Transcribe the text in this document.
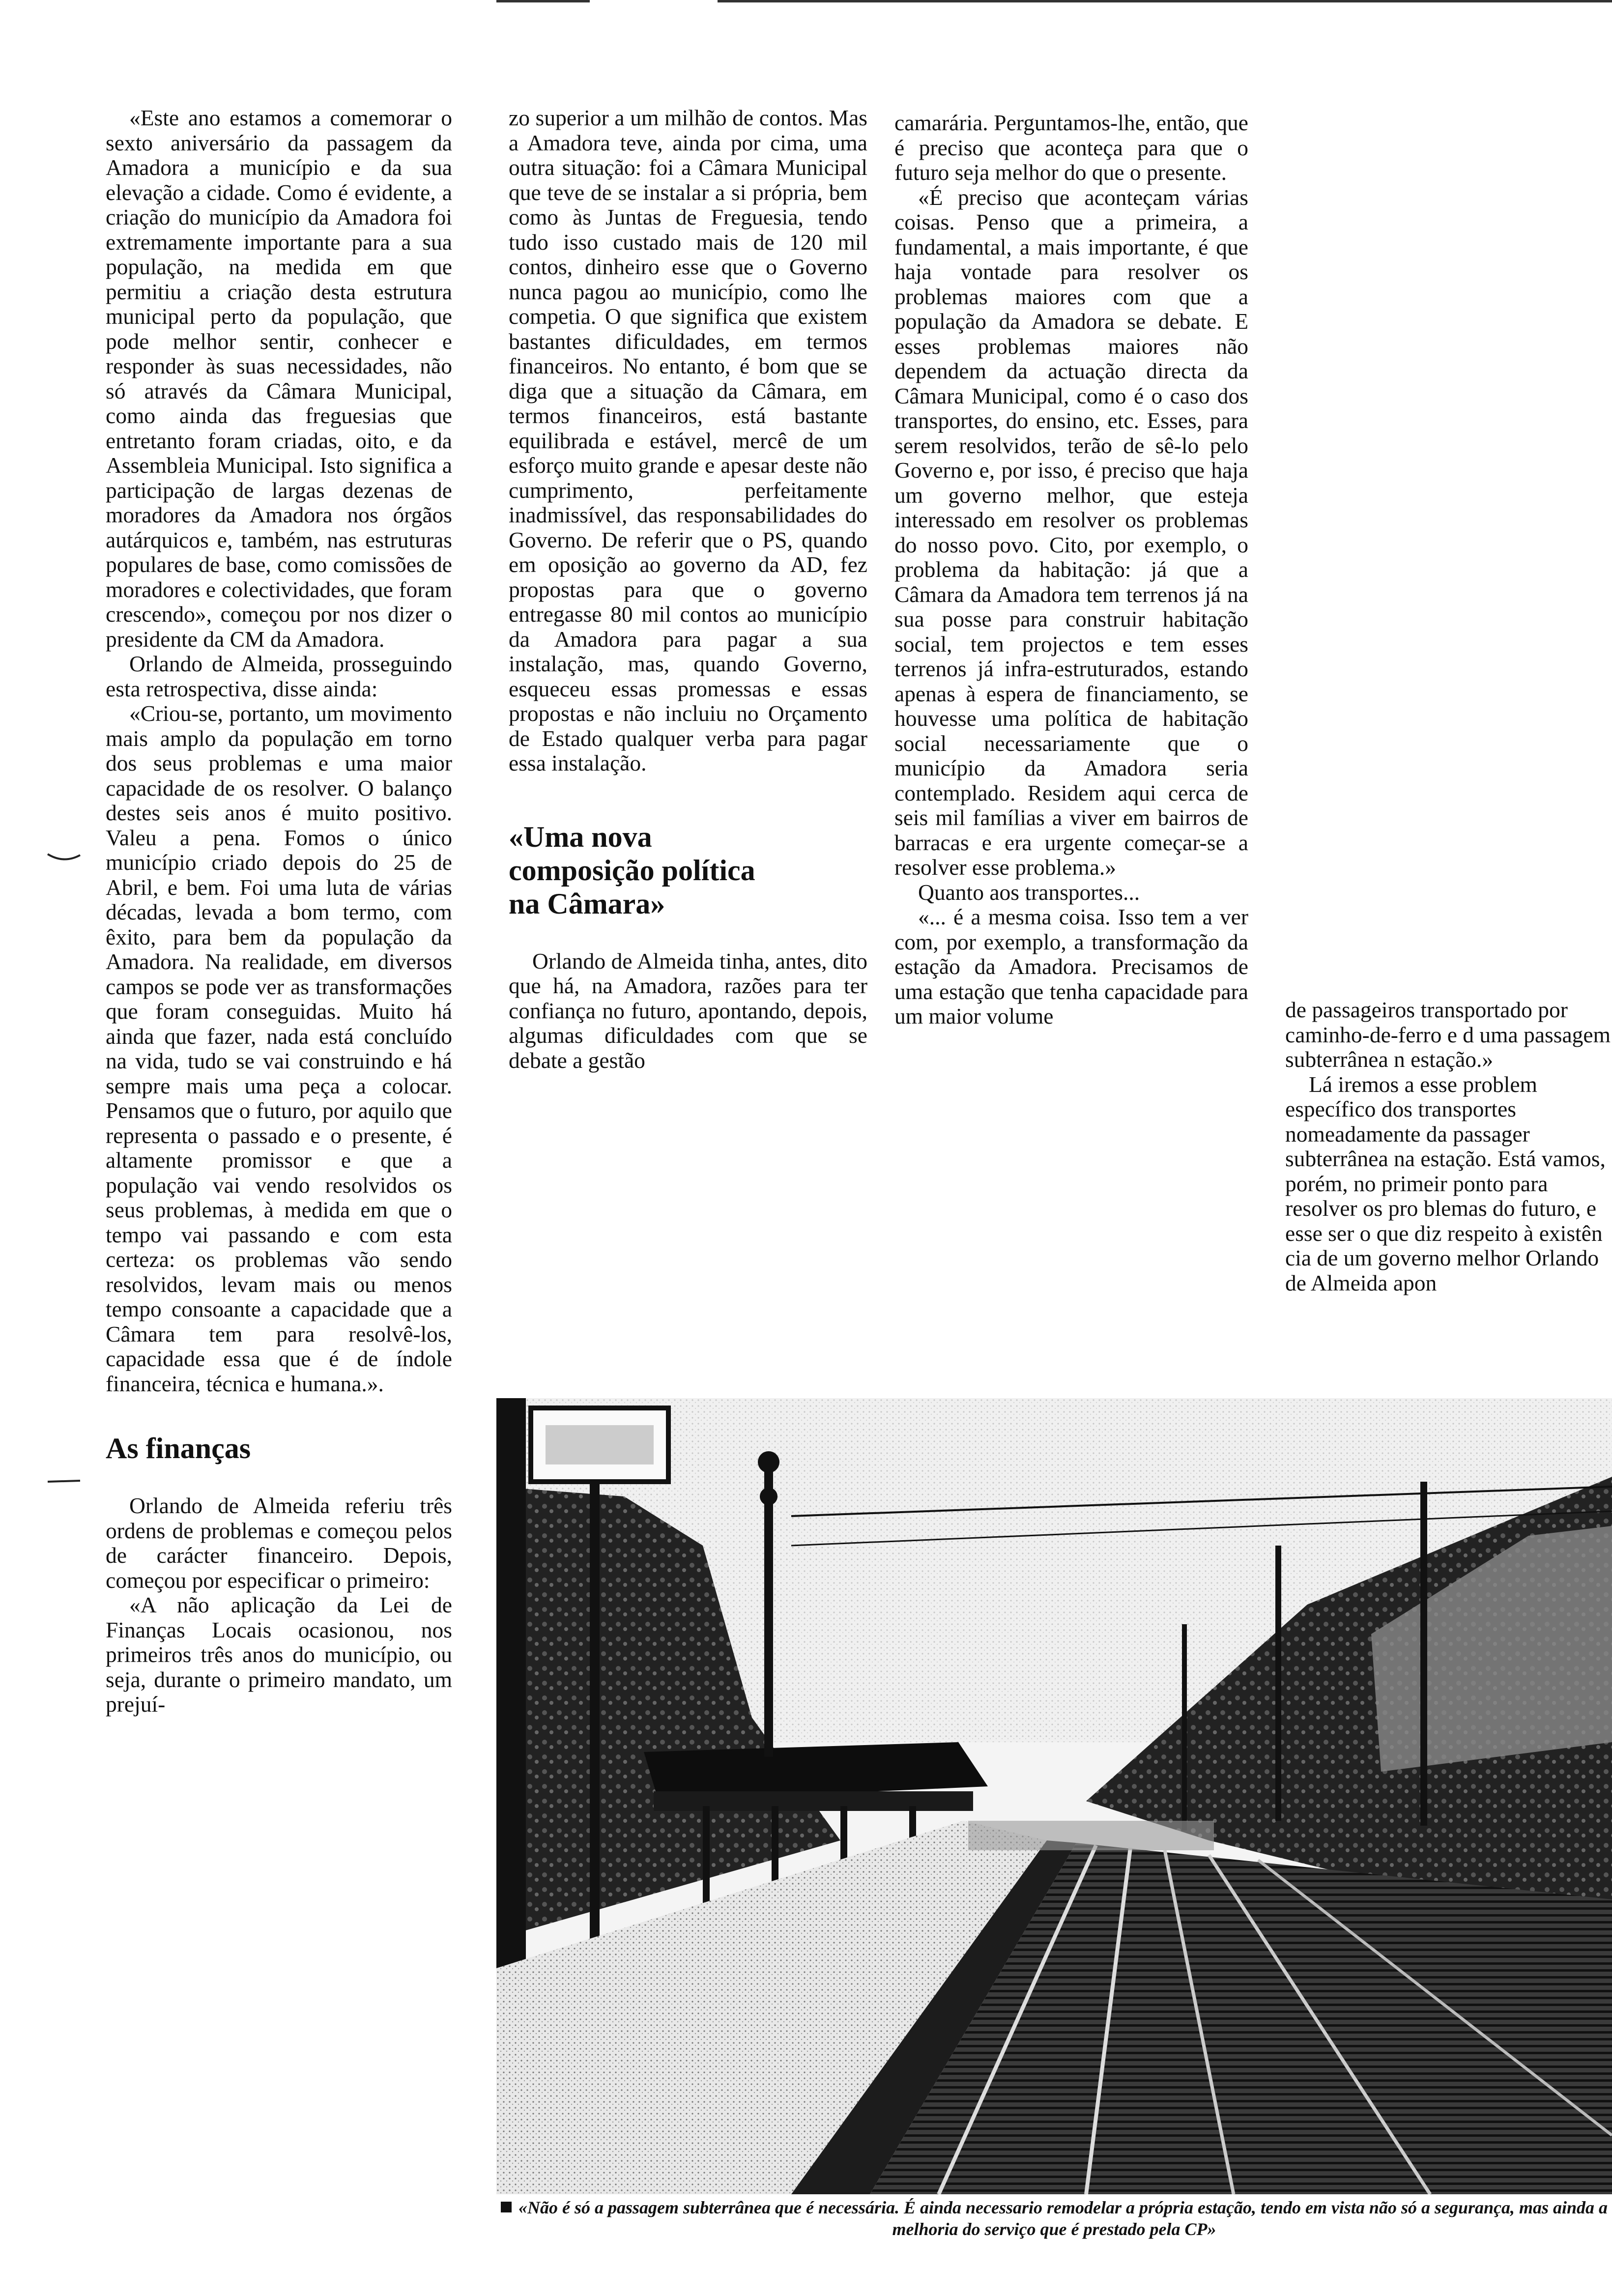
«Este ano estamos a comemorar o sexto aniversário da passagem da Amadora a município e da sua elevação a cidade. Como é evidente, a criação do município da Amadora foi extremamente importante para a sua população, na medida em que permitiu a criação desta estrutura municipal perto da população, que pode melhor sentir, conhecer e responder às suas necessidades, não só através da Câmara Municipal, como ainda das freguesias que entretanto foram criadas, oito, e da Assembleia Municipal. Isto significa a participação de largas dezenas de moradores da Amadora nos órgãos autárquicos e, também, nas estruturas populares de base, como comissões de moradores e colectividades, que foram crescendo», começou por nos dizer o presidente da CM da Amadora.

Orlando de Almeida, prosseguindo esta retrospectiva, disse ainda:

«Criou-se, portanto, um movimento mais amplo da população em torno dos seus problemas e uma maior capacidade de os resolver. O balanço destes seis anos é muito positivo. Valeu a pena. Fomos o único município criado depois do 25 de Abril, e bem. Foi uma luta de várias décadas, levada a bom termo, com êxito, para bem da população da Amadora. Na realidade, em diversos campos se pode ver as transformações que foram conseguidas. Muito há ainda que fazer, nada está concluído na vida, tudo se vai construindo e há sempre mais uma peça a colocar. Pensamos que o futuro, por aquilo que representa o passado e o presente, é altamente promissor e que a população vai vendo resolvidos os seus problemas, à medida em que o tempo vai passando e com esta certeza: os problemas vão sendo resolvidos, levam mais ou menos tempo consoante a capacidade que a Câmara tem para resolvê-los, capacidade essa que é de índole financeira, técnica e humana.».

As finanças

Orlando de Almeida referiu três ordens de problemas e começou pelos de carácter financeiro. Depois, começou por especificar o primeiro:

«A não aplicação da Lei de Finanças Locais ocasionou, nos primeiros três anos do município, ou seja, durante o primeiro mandato, um prejuí-

zo superior a um milhão de contos. Mas a Amadora teve, ainda por cima, uma outra situação: foi a Câmara Municipal que teve de se instalar a si própria, bem como às Juntas de Freguesia, tendo tudo isso custado mais de 120 mil contos, dinheiro esse que o Governo nunca pagou ao município, como lhe competia. O que significa que existem bastantes dificuldades, em termos financeiros. No entanto, é bom que se diga que a situação da Câmara, em termos financeiros, está bastante equilibrada e estável, mercê de um esforço muito grande e apesar deste não cumprimento, perfeitamente inadmissível, das responsabilidades do Governo. De referir que o PS, quando em oposição ao governo da AD, fez propostas para que o governo entregasse 80 mil contos ao município da Amadora para pagar a sua instalação, mas, quando Governo, esqueceu essas promessas e essas propostas e não incluiu no Orçamento de Estado qualquer verba para pagar essa instalação.

«Uma nova composição política na Câmara»

Orlando de Almeida tinha, antes, dito que há, na Amadora, razões para ter confiança no futuro, apontando, depois, algumas dificuldades com que se debate a gestão

camarária. Perguntamos-lhe, então, que é preciso que aconteça para que o futuro seja melhor do que o presente.

«É preciso que aconteçam várias coisas. Penso que a primeira, a fundamental, a mais importante, é que haja vontade para resolver os problemas maiores com que a população da Amadora se debate. E esses problemas maiores não dependem da actuação directa da Câmara Municipal, como é o caso dos transportes, do ensino, etc. Esses, para serem resolvidos, terão de sê-lo pelo Governo e, por isso, é preciso que haja um governo melhor, que esteja interessado em resolver os problemas do nosso povo. Cito, por exemplo, o problema da habitação: já que a Câmara da Amadora tem terrenos já na sua posse para construir habitação social, tem projectos e tem esses terrenos já infra-estruturados, estando apenas à espera de financiamento, se houvesse uma política de habitação social necessariamente que o município da Amadora seria contemplado. Residem aqui cerca de seis mil famílias a viver em bairros de barracas e era urgente começar-se a resolver esse problema.»

Quanto aos transportes...

«... é a mesma coisa. Isso tem a ver com, por exemplo, a transformação da estação da Amadora. Precisamos de uma estação que tenha capacidade para um maior volume	de passageiros transportado por caminho-de-ferro e d uma passagem subterrânea n estação.»

Lá iremos a esse problem específico dos transportes nomeadamente da passager subterrânea na estação. Está vamos, porém, no primeir ponto para resolver os pro blemas do futuro, e esse ser o que diz respeito à existên cia de um governo melhor Orlando de Almeida apon

«Não é só a passagem subterrânea que é necessária. É ainda necessario remodelar a própria estação, tendo em vista não só a segurança, mas ainda a melhoria do serviço que é prestado pela CP»
